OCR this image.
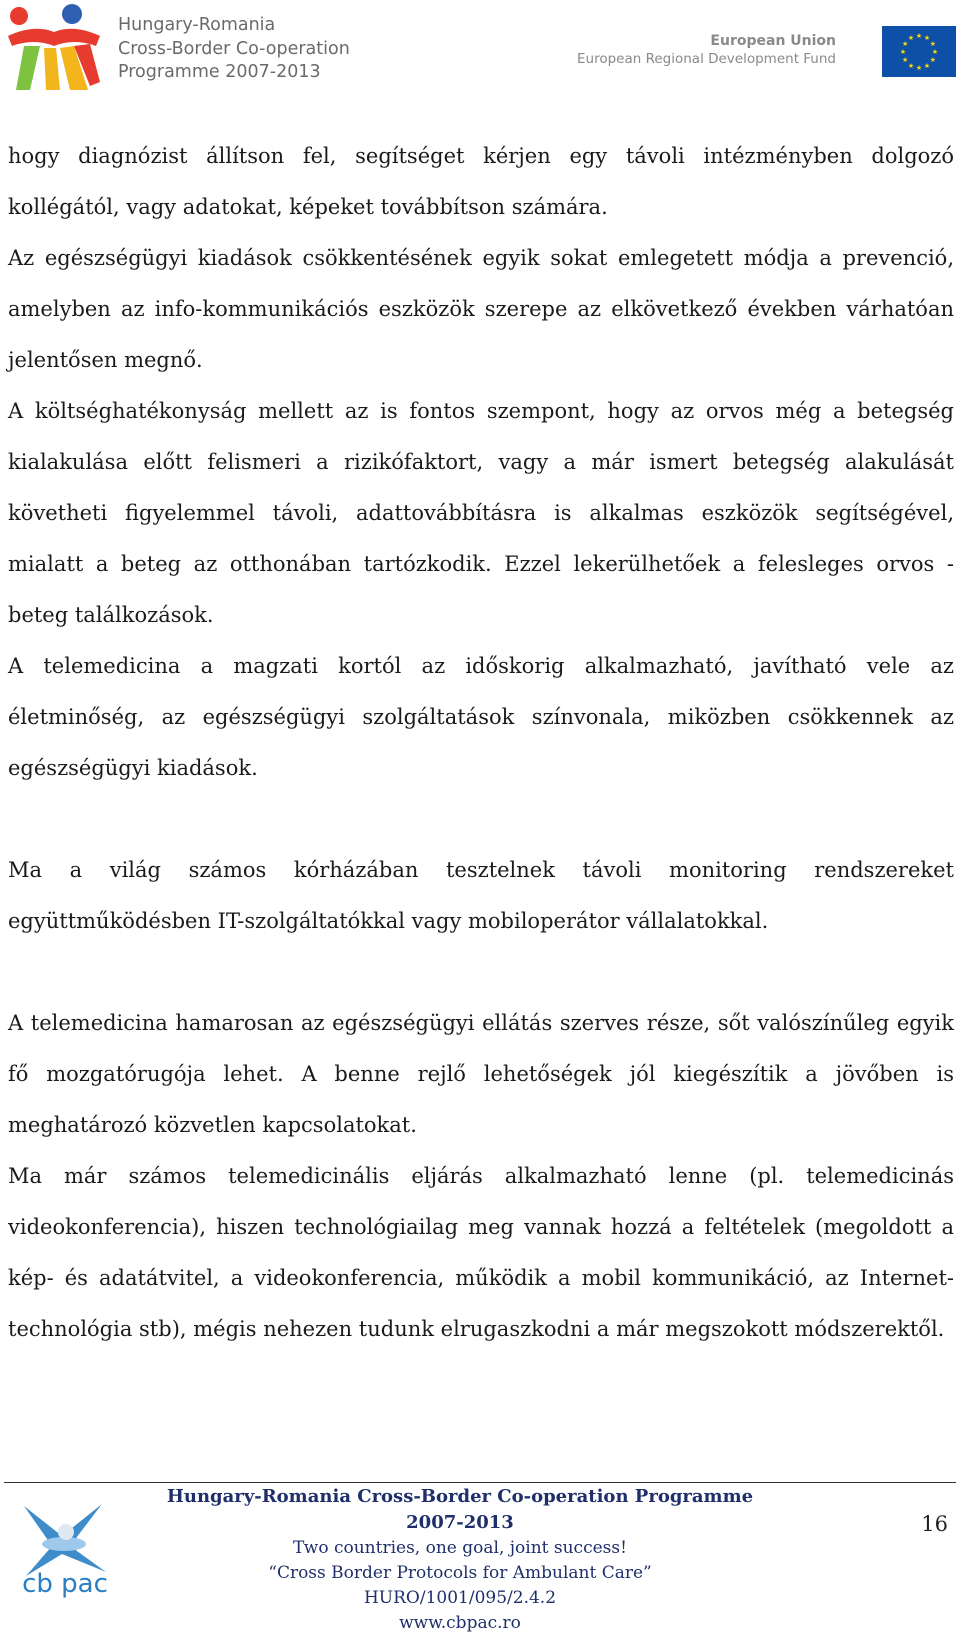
Hungary-Romania
Cross-Border Co-operation
Programme 2007-2013
European Union
European Regional Development Fund
★ ★
★
★
★
★
★
★
★
★
★
★

hogy diagnózist állítson fel, segítséget kérjen egy távoli intézményben dolgozó kollégától, vagy adatokat, képeket továbbítson számára.

Az egészségügyi kiadások csökkentésének egyik sokat emlegetett módja a prevenció, amelyben az info-kommunikációs eszközök szerepe az elkövetkező években várhatóan jelentősen megnő.

A költséghatékonyság mellett az is fontos szempont, hogy az orvos még a betegség kialakulása előtt felismeri a rizikófaktort, vagy a már ismert betegség alakulását követheti figyelemmel távoli, adattovábbításra is alkalmas eszközök segítségével, mialatt a beteg az otthonában tartózkodik. Ezzel lekerülhetőek a felesleges orvos - beteg találkozások.

A telemedicina a magzati kortól az időskorig alkalmazható, javítható vele az életminőség, az egészségügyi szolgáltatások színvonala, miközben csökkennek az egészségügyi kiadások.

Ma a világ számos kórházában tesztelnek távoli monitoring rendszereket együttműködésben IT-szolgáltatókkal vagy mobiloperátor vállalatokkal.

A telemedicina hamarosan az egészségügyi ellátás szerves része, sőt valószínűleg egyik fő mozgatórugója lehet. A benne rejlő lehetőségek jól kiegészítik a jövőben is meghatározó közvetlen kapcsolatokat.

Ma már számos telemedicinális eljárás alkalmazható lenne (pl. telemedicinás videokonferencia), hiszen technológiailag meg vannak hozzá a feltételek (megoldott a kép- és adatátvitel, a videokonferencia, működik a mobil kommunikáció, az Internet-technológia stb), mégis nehezen tudunk elrugaszkodni a már megszokott módszerektől.

cb pac
Hungary-Romania Cross-Border Co-operation Programme 2007-2013
Two countries, one goal, joint success!
“Cross Border Protocols for Ambulant Care”
HURO/1001/095/2.4.2
www.cbpac.ro
16
